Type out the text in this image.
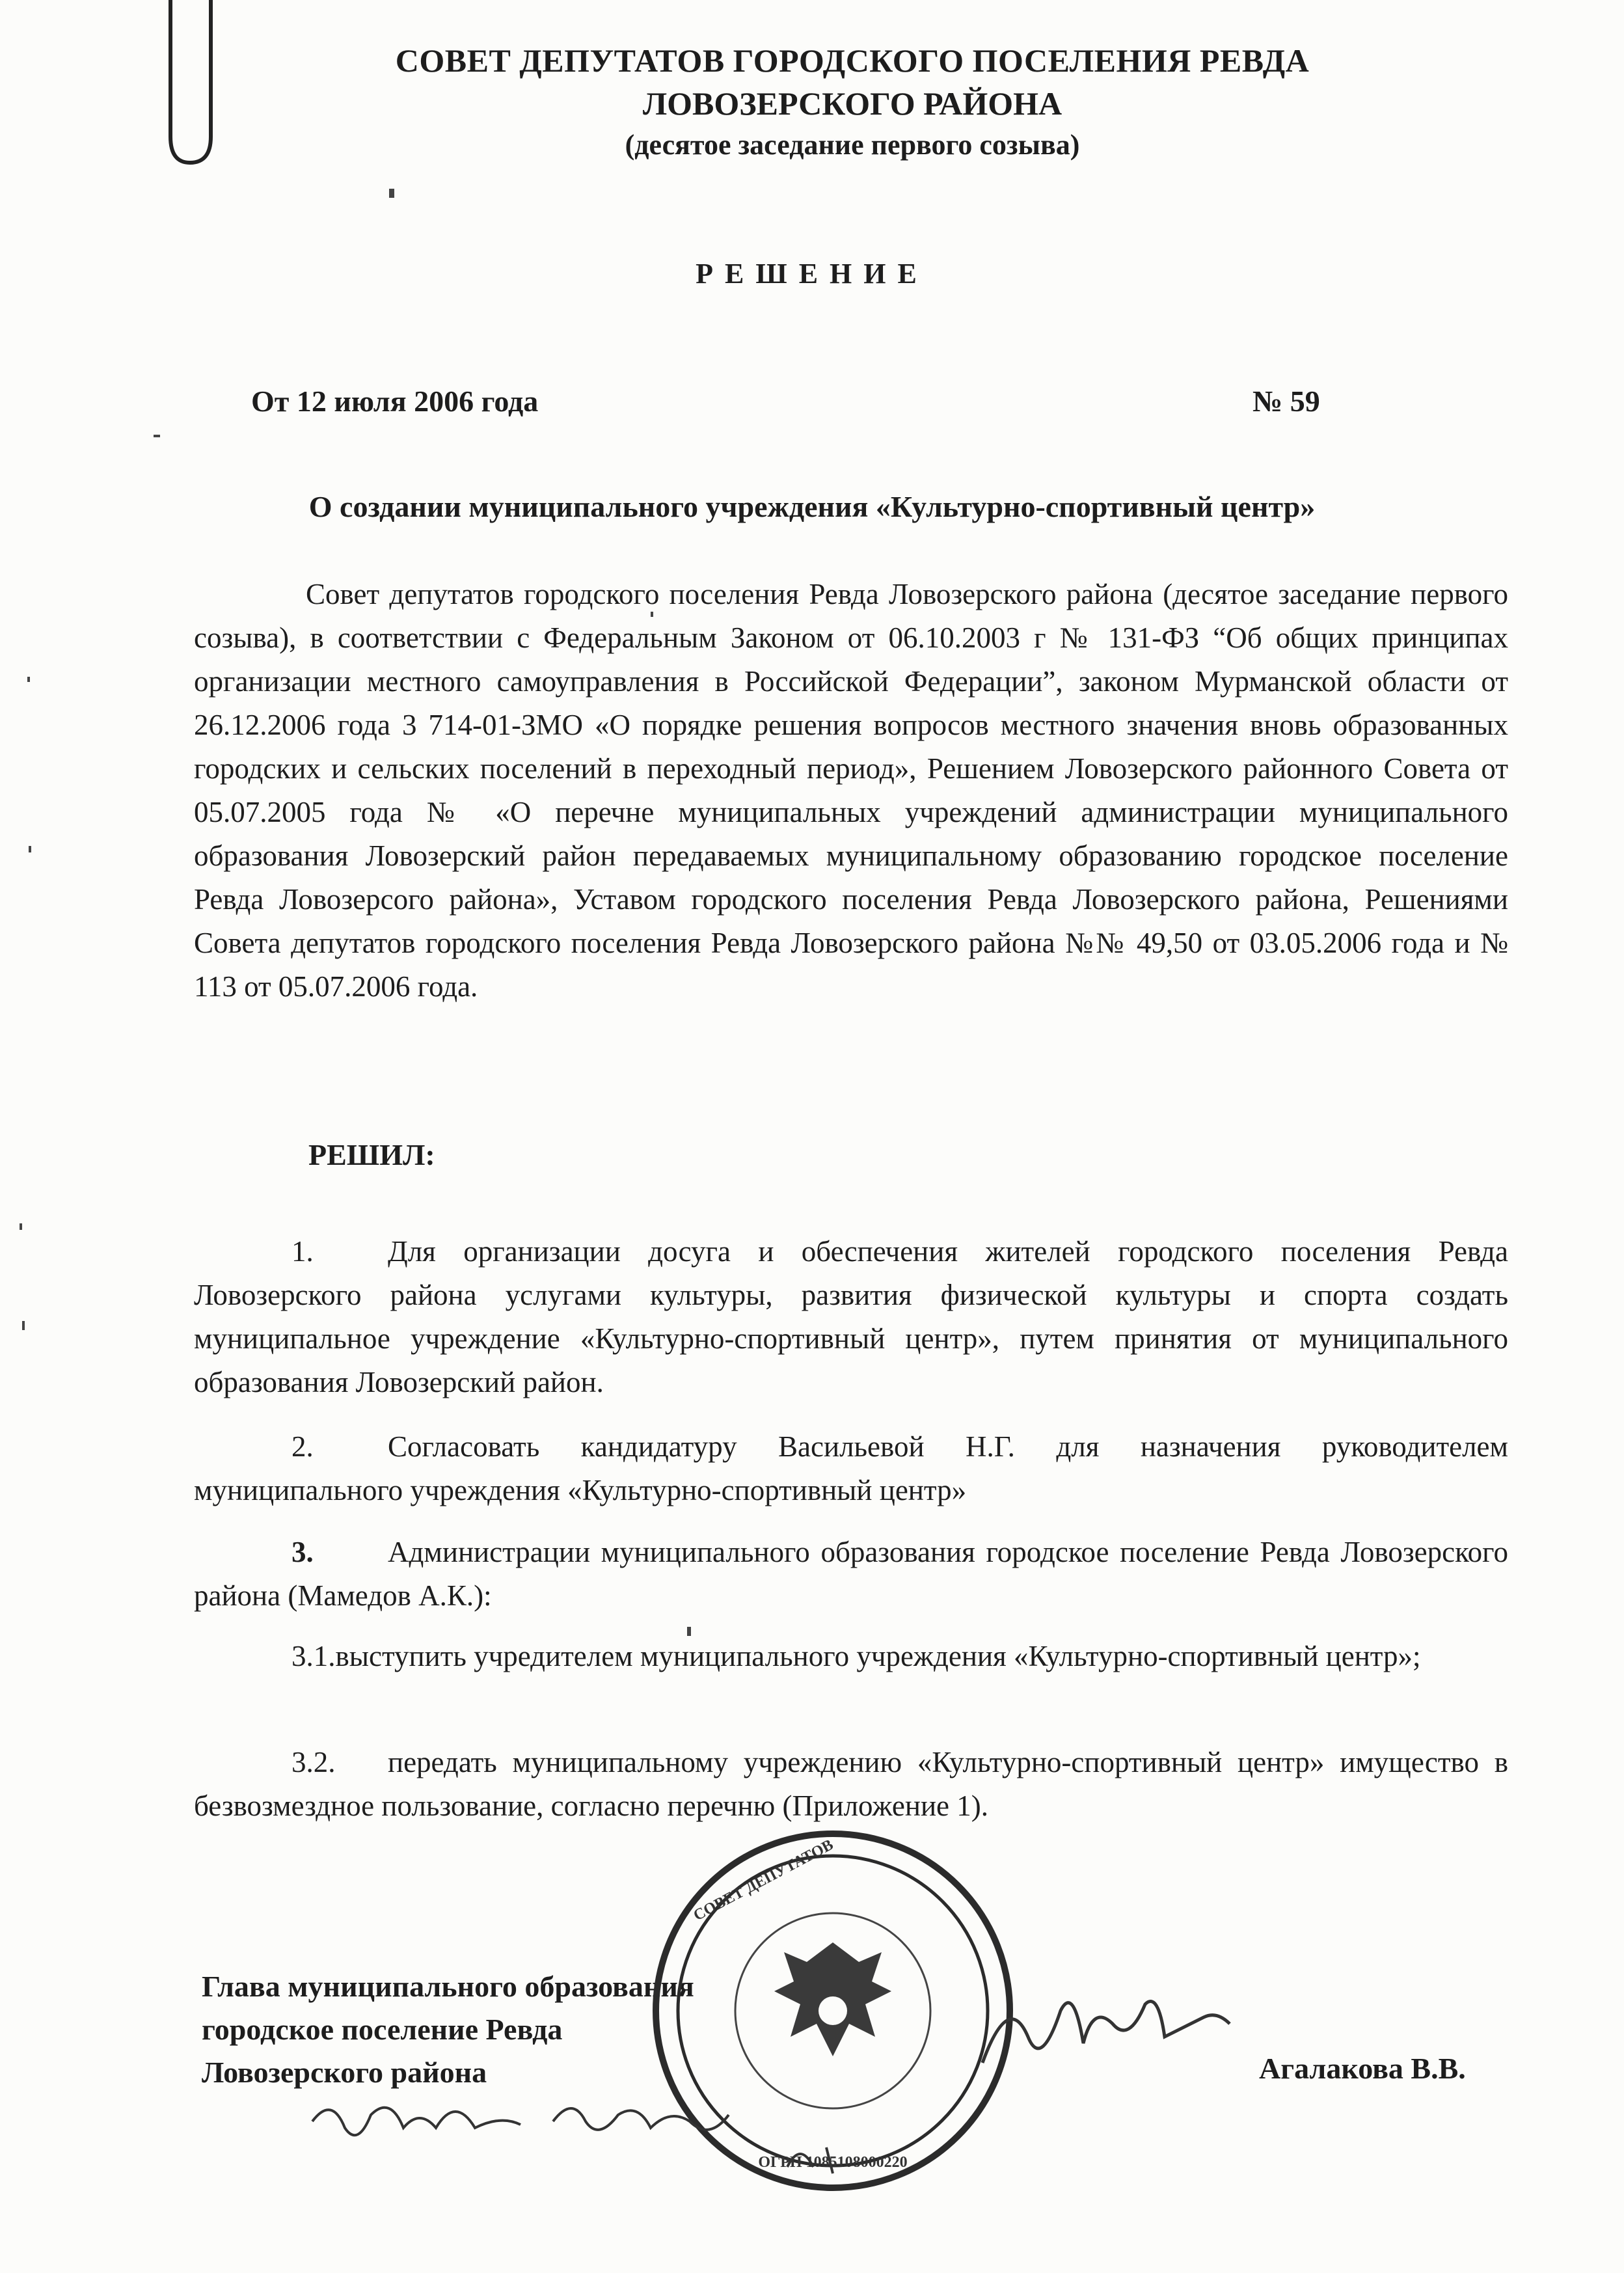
СОВЕТ ДЕПУТАТОВ ГОРОДСКОГО ПОСЕЛЕНИЯ РЕВДА
ЛОВОЗЕРСКОГО РАЙОНА
(десятое заседание первого созыва)
РЕШЕНИЕ
От 12 июля 2006 года	№ 59
О создании муниципального учреждения «Культурно-спортивный центр»
Совет депутатов городского поселения Ревда Ловозерского района (десятое заседание первого созыва), в соответствии с Федеральным Законом от 06.10.2003 г № 131-ФЗ “Об общих принципах организации местного самоуправления в Российской Федерации”, законом Мурманской области от 26.12.2006 года 3 714-01-ЗМО «О порядке решения вопросов местного значения вновь образованных городских и сельских поселений в переходный период», Решением Ловозерского районного Совета от 05.07.2005 года № «О перечне муниципальных учреждений администрации муниципального образования Ловозерский район передаваемых муниципальному образованию городское поселение Ревда Ловозерсого района», Уставом городского поселения Ревда Ловозерского района, Решениями Совета депутатов городского поселения Ревда Ловозерского района №№ 49,50 от 03.05.2006 года и № 113 от 05.07.2006 года.
РЕШИЛ:
1.	Для организации досуга и обеспечения жителей городского поселения Ревда Ловозерского района услугами культуры, развития физической культуры и спорта создать муниципальное учреждение «Культурно-спортивный центр», путем принятия от муниципального образования Ловозерский район.
2.	Согласовать кандидатуру Васильевой Н.Г. для назначения руководителем муниципального учреждения «Культурно-спортивный центр»
3.	Администрации муниципального образования городское поселение Ревда Ловозерского района (Мамедов А.К.):
3.1.выступить учредителем муниципального учреждения «Культурно-спортивный центр»;
3.2. передать муниципальному учреждению «Культурно-спортивный центр» имущество в безвозмездное пользование, согласно перечню (Приложение 1).
Глава муниципального образования
городское поселение Ревда
Ловозерского района	Агалакова В.В.
СОВЕТ ДЕПУТАТОВ
ОГРН 1085108000220
